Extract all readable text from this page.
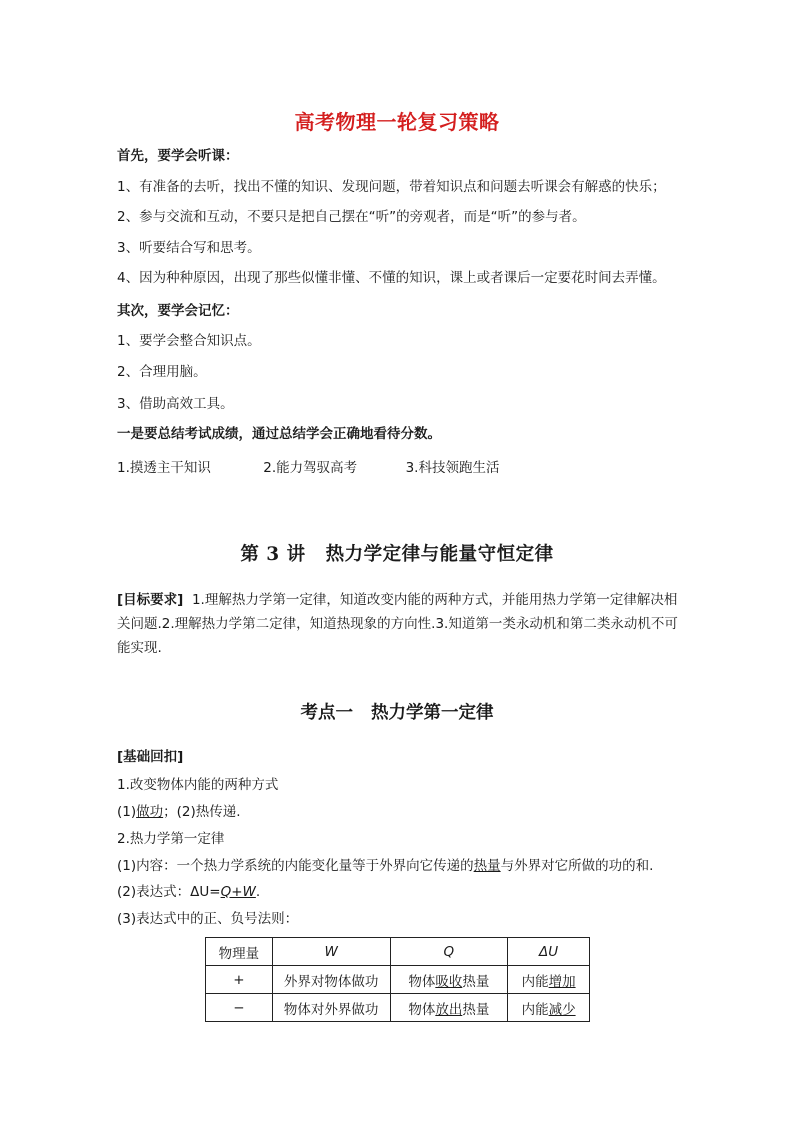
高考物理一轮复习策略
首先，要学会听课：
1、有准备的去听，找出不懂的知识、发现问题，带着知识点和问题去听课会有解惑的快乐；
2、参与交流和互动，不要只是把自己摆在“听”的旁观者，而是“听”的参与者。
3、听要结合写和思考。
4、因为种种原因，出现了那些似懂非懂、不懂的知识，课上或者课后一定要花时间去弄懂。
其次，要学会记忆：
1、要学会整合知识点。
2、合理用脑。
3、借助高效工具。
一是要总结考试成绩，通过总结学会正确地看待分数。
1.摸透主干知识	2.能力驾驭高考	3.科技领跑生活
第 3 讲 热力学定律与能量守恒定律
[目标要求] 1.理解热力学第一定律，知道改变内能的两种方式，并能用热力学第一定律解决相关问题.2.理解热力学第二定律，知道热现象的方向性.3.知道第一类永动机和第二类永动机不可能实现.
考点一 热力学第一定律
[基础回扣]
1.改变物体内能的两种方式
(1)做功；(2)热传递.
2.热力学第一定律
(1)内容：一个热力学系统的内能变化量等于外界向它传递的热量与外界对它所做的功的和.
(2)表达式：ΔU=Q+W.
(3)表达式中的正、负号法则：
物理量	W	Q	ΔU
+	外界对物体做功	物体吸收热量	内能增加
−	物体对外界做功	物体放出热量	内能减少
